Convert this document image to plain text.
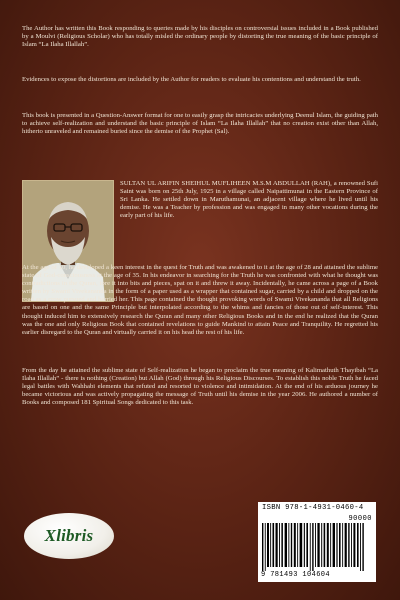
The Author has written this Book responding to queries made by his disciples on controversial issues included in a Book published by a Moulvi (Religious Scholar) who has totally misled the ordinary people by distorting the true meaning of the basic principle of Islam “La Ilaha Illallah”.

Evidences to expose the distortions are included by the Author for readers to evaluate his contentions and understand the truth.

This book is presented in a Question-Answer format for one to easily grasp the intricacies underlying Deenul Islam, the guiding path to achieve self-realization and understand the basic principle of Islam “La Ilaha Illallah” that no creation exist other than Allah, hitherto unraveled and remained buried since the demise of the Prophet (Sal).

SULTAN UL ARIFIN SHEIHUL MUFLIHEEN M.S.M ABDULLAH (RAH), a renowned Sufi Saint was born on 25th July, 1925 in a village called Naipattimunai in the Eastern Province of Sri Lanka. He settled down in Maruthamunai, an adjacent village where he lived until his demise. He was a Teacher by profession and was engaged in many other vocations during the early part of his life.

At the age of 10, he developed a keen interest in the quest for Truth and was awakened to it at the age of 28 and attained the sublime state of God-consciousness at the age of 35. In his endeavor in searching for the Truth he was confronted with what he thought was contradictions in the Quran, tore it into bits and pieces, spat on it and threw it away. Incidentally, he came across a page of a Book written by Swami Vivekananda in the form of a paper used as a wrapper that contained sugar, carried by a child and dropped on the road as a crow pursued and harried her. This page contained the thought provoking words of Swami Vivekananda that all Religions are based on one and the same Principle but interpolated according to the whims and fancies of those out of self-interest. This thought induced him to extensively research the Quran and many other Religious Books and in the end he realized that the Quran was the one and only Religious Book that contained revelations to guide Mankind to attain Peace and Tranquility. He regretted his earlier disregard to the Quran and virtually carried it on his head the rest of his life.

From the day he attained the sublime state of Self-realization he began to proclaim the true meaning of Kalimathuth Thayibah “La Ilaha Illallah” - there is nothing (Creation) but Allah (God) through his Religious Discourses. To establish this noble Truth he faced legal battles with Wahhabi elements that refuted and resorted to violence and intimidation. At the end of his arduous journey he became victorious and was actively propagating the message of Truth until his demise in the year 2006. He authored a number of Books and composed 181 Spiritual Songs dedicated to this task.

Xlibris
ISBN 978-1-4931-0460-4
90000
9 781493 104604
